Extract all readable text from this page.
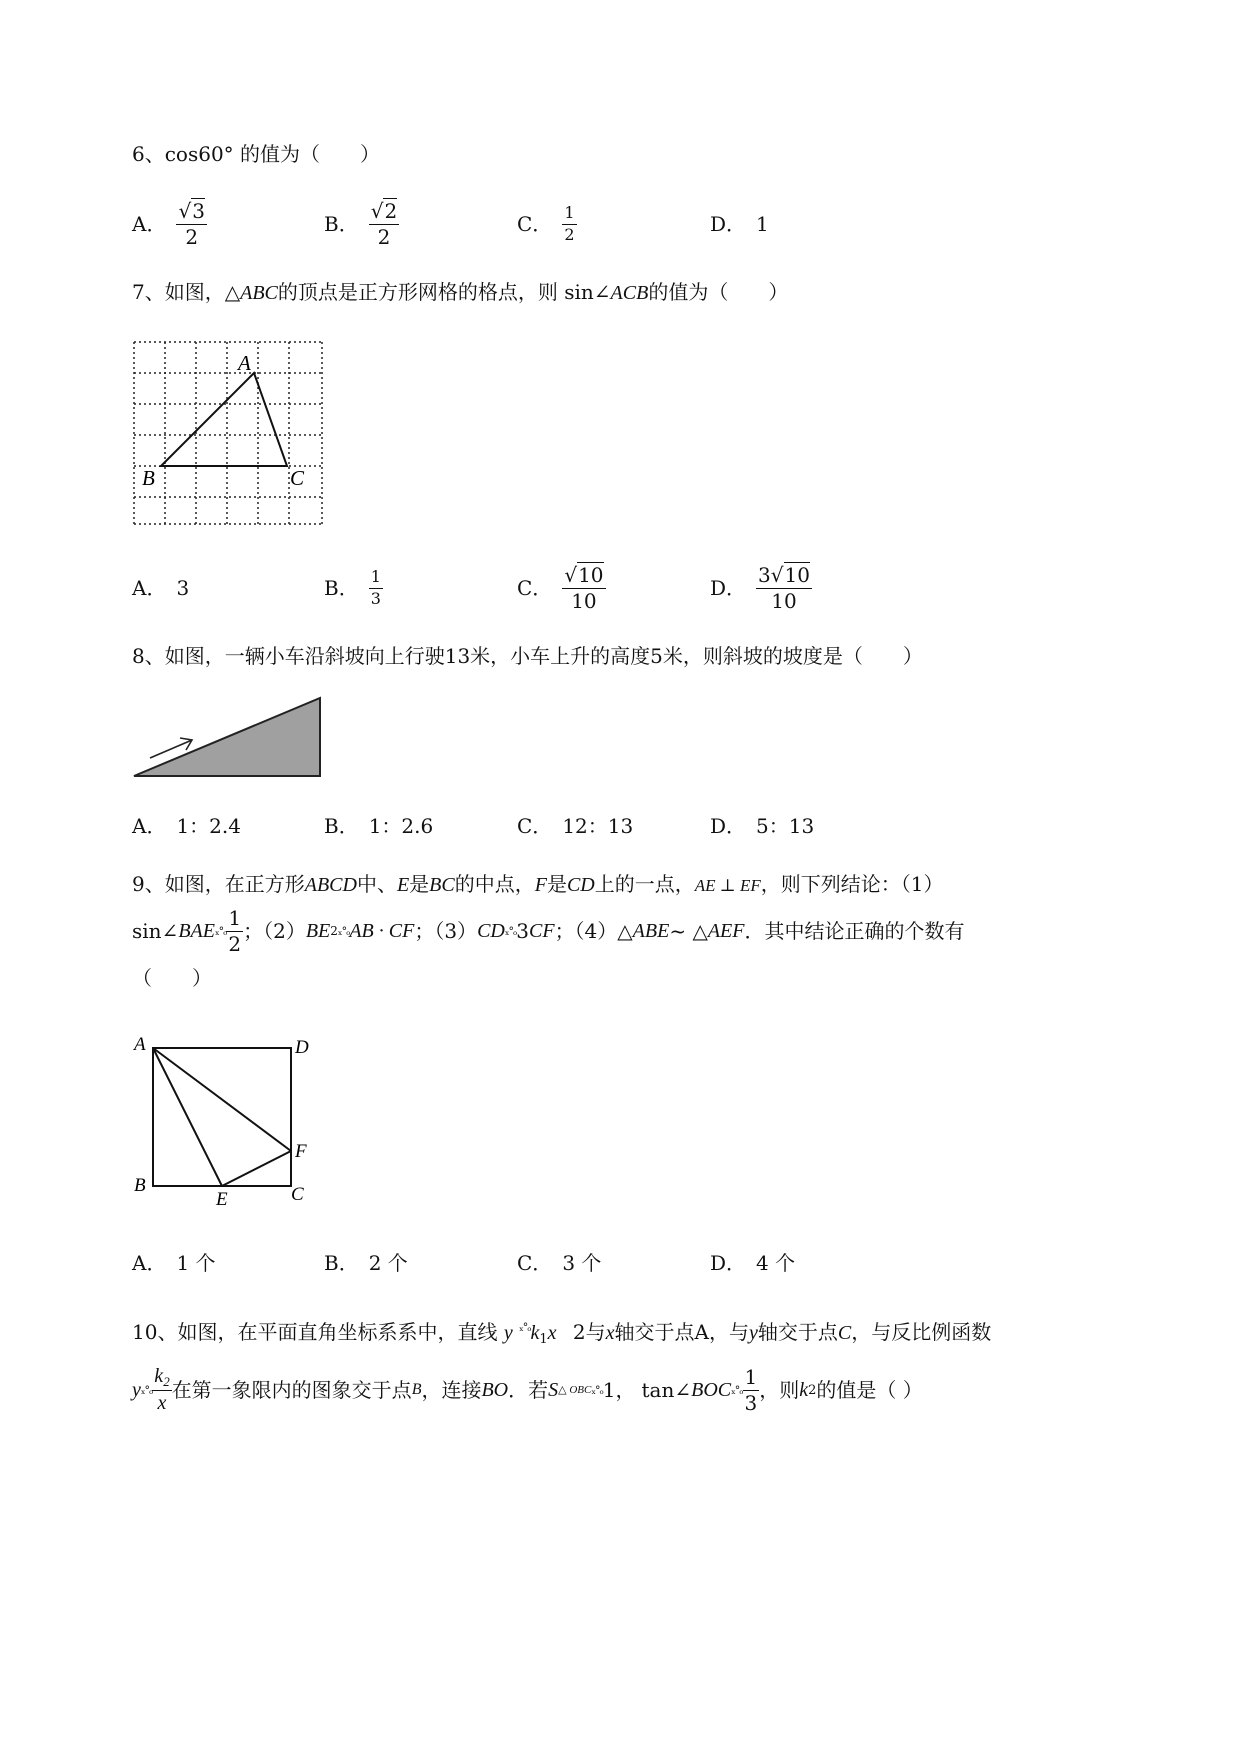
6、cos60° 的值为（　　）
A． $\frac{√3}{2}$	B． $\frac{√2}{2}$	C． $\frac{1}{2}$	D． 1
7、如图，△ABC的顶点是正方形网格的格点，则 sin∠ACB的值为（　　）
A
B	C
A． 3	B． $\frac{1}{3}$	C． $\frac{√10}{10}$	D． $\frac{3√10}{10}$
8、如图，一辆小车沿斜坡向上行驶13米，小车上升的高度5米，则斜坡的坡度是（　　）
A． 1：2.4	B． 1：2.6	C． 12：13	D． 5：13
9、如图，在正方形ABCD中、E是BC的中点，F是CD上的一点，AE ⊥ EF，则下列结论：（1）
sin∠ BAE $_x^\circ_o \frac{1}{2}$ ；（2） BE 2 ₓ°ₒ AB · CF ；（3） CD ₓ°ₒ 3 CF ；（4）△ ABE ~ △ AEF ．其中结论正确的个数有
（　　）
A	D
B
E
F
C
A． 1 个	B． 2 个	C． 3 个	D． 4 个
10、如图，在平面直角坐标系系中，直线 y $^{_x^\circ_o}k_1x$ 2与x轴交于点A，与y轴交于点C，与反比例函数
y $_x^\circ_o \frac{k_2}{x}$ 在第一象限内的图象交于点 B ，连接 BO ．若 S △ OBC ₓ°ₒ 1 ， tan∠ BOC $_x^\circ_o \frac{1}{3}$ ，则 k 2 的值是（ ）
